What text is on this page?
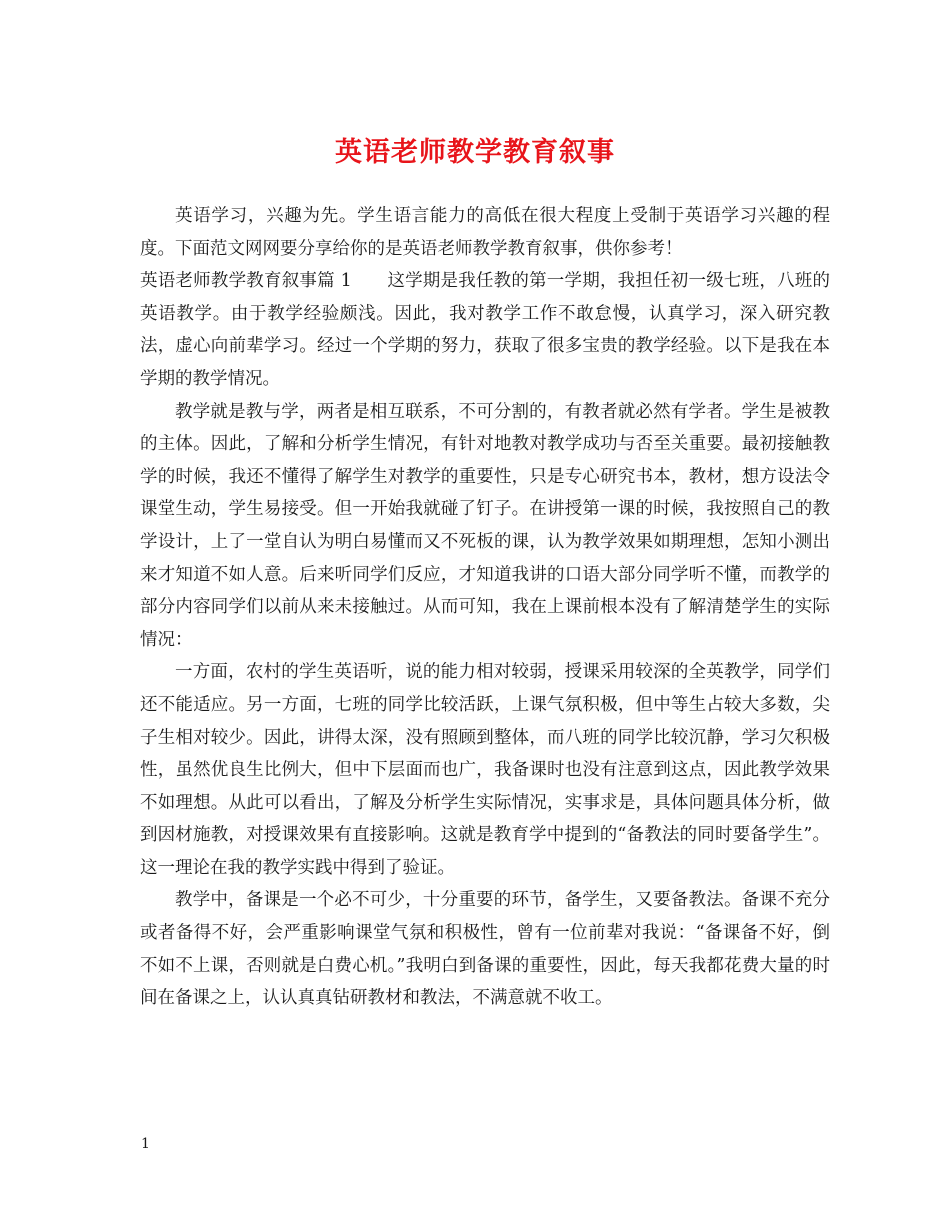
英语老师教学教育叙事

英语学习，兴趣为先。学生语言能力的高低在很大程度上受制于英语学习兴趣的程度。下面范文网网要分享给你的是英语老师教学教育叙事，供你参考！

英语老师教学教育叙事篇 1　　这学期是我任教的第一学期，我担任初一级七班，八班的英语教学。由于教学经验颇浅。因此，我对教学工作不敢怠慢，认真学习，深入研究教法，虚心向前辈学习。经过一个学期的努力，获取了很多宝贵的教学经验。以下是我在本学期的教学情况。

教学就是教与学，两者是相互联系，不可分割的，有教者就必然有学者。学生是被教的主体。因此，了解和分析学生情况，有针对地教对教学成功与否至关重要。最初接触教学的时候，我还不懂得了解学生对教学的重要性，只是专心研究书本，教材，想方设法令课堂生动，学生易接受。但一开始我就碰了钉子。在讲授第一课的时候，我按照自己的教学设计，上了一堂自认为明白易懂而又不死板的课，认为教学效果如期理想，怎知小测出来才知道不如人意。后来听同学们反应，才知道我讲的口语大部分同学听不懂，而教学的部分内容同学们以前从来未接触过。从而可知，我在上课前根本没有了解清楚学生的实际情况：

一方面，农村的学生英语听，说的能力相对较弱，授课采用较深的全英教学，同学们还不能适应。另一方面，七班的同学比较活跃，上课气氛积极，但中等生占较大多数，尖子生相对较少。因此，讲得太深，没有照顾到整体，而八班的同学比较沉静，学习欠积极性，虽然优良生比例大，但中下层面而也广，我备课时也没有注意到这点，因此教学效果不如理想。从此可以看出，了解及分析学生实际情况，实事求是，具体问题具体分析，做到因材施教，对授课效果有直接影响。这就是教育学中提到的“备教法的同时要备学生”。这一理论在我的教学实践中得到了验证。

教学中，备课是一个必不可少，十分重要的环节，备学生，又要备教法。备课不充分或者备得不好，会严重影响课堂气氛和积极性，曾有一位前辈对我说：“备课备不好，倒不如不上课，否则就是白费心机。”我明白到备课的重要性，因此，每天我都花费大量的时间在备课之上，认认真真钻研教材和教法，不满意就不收工。

1
